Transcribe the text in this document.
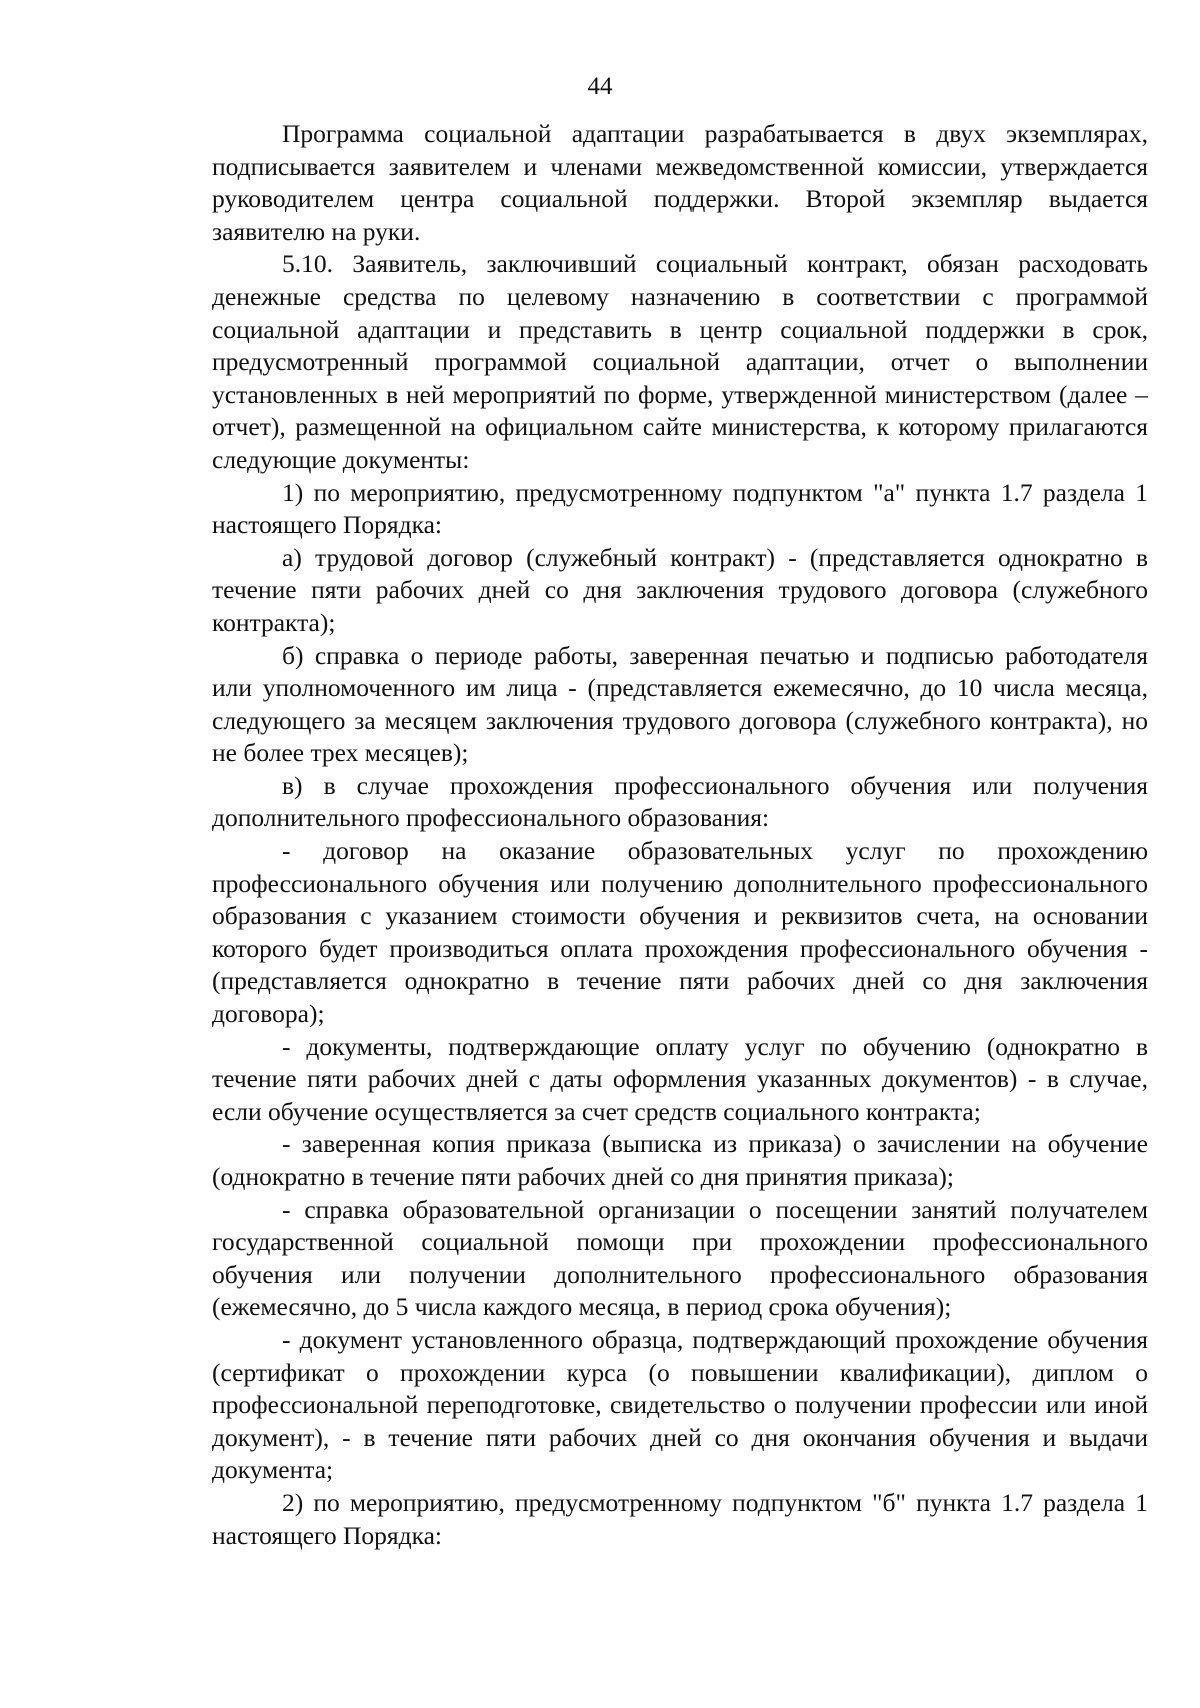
44

Программа социальной адаптации разрабатывается в двух экземплярах, подписывается заявителем и членами межведомственной комиссии, утверждается руководителем центра социальной поддержки. Второй экземпляр выдается заявителю на руки.

5.10. Заявитель, заключивший социальный контракт, обязан расходовать денежные средства по целевому назначению в соответствии с программой социальной адаптации и представить в центр социальной поддержки в срок, предусмотренный программой социальной адаптации, отчет о выполнении установленных в ней мероприятий по форме, утвержденной министерством (далее – отчет), размещенной на официальном сайте министерства, к которому прилагаются следующие документы:

1) по мероприятию, предусмотренному подпунктом "а" пункта 1.7 раздела 1 настоящего Порядка:

а) трудовой договор (служебный контракт) - (представляется однократно в течение пяти рабочих дней со дня заключения трудового договора (служебного контракта);

б) справка о периоде работы, заверенная печатью и подписью работодателя или уполномоченного им лица - (представляется ежемесячно, до 10 числа месяца, следующего за месяцем заключения трудового договора (служебного контракта), но не более трех месяцев);

в) в случае прохождения профессионального обучения или получения дополнительного профессионального образования:

- договор на оказание образовательных услуг по прохождению профессионального обучения или получению дополнительного профессионального образования с указанием стоимости обучения и реквизитов счета, на основании которого будет производиться оплата прохождения профессионального обучения - (представляется однократно в течение пяти рабочих дней со дня заключения договора);

- документы, подтверждающие оплату услуг по обучению (однократно в течение пяти рабочих дней с даты оформления указанных документов) - в случае, если обучение осуществляется за счет средств социального контракта;

- заверенная копия приказа (выписка из приказа) о зачислении на обучение (однократно в течение пяти рабочих дней со дня принятия приказа);

- справка образовательной организации о посещении занятий получателем государственной социальной помощи при прохождении профессионального обучения или получении дополнительного профессионального образования (ежемесячно, до 5 числа каждого месяца, в период срока обучения);

- документ установленного образца, подтверждающий прохождение обучения (сертификат о прохождении курса (о повышении квалификации), диплом о профессиональной переподготовке, свидетельство о получении профессии или иной документ), - в течение пяти рабочих дней со дня окончания обучения и выдачи документа;

2) по мероприятию, предусмотренному подпунктом "б" пункта 1.7 раздела 1 настоящего Порядка:
